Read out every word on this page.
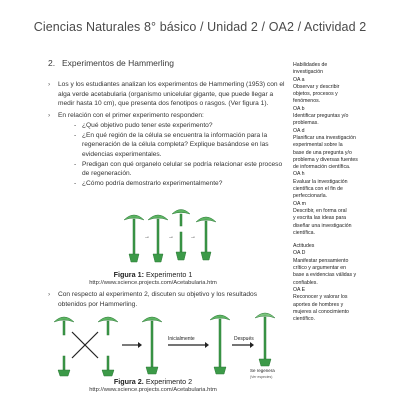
Ciencias Naturales 8° básico / Unidad 2 / OA2 / Actividad 2
2. Experimentos de Hammerling
› Los y los estudiantes analizan los experimentos de Hammerling (1953) con el alga verde acetabularia (organismo unicelular gigante, que puede llegar a medir hasta 10 cm), que presenta dos fenotipos o rasgos. (Ver figura 1).
› En relación con el primer experimento responden:
- ¿Qué objetivo pudo tener este experimento?
- ¿En qué región de la célula se encuentra la información para la regeneración de la célula completa? Explique basándose en las evidencias experimentales.
- Predigan con qué organelo celular se podría relacionar este proceso de regeneración.
- ¿Cómo podría demostrarlo experimentalmente?
→	→	→
Figura 1: Experimento 1
http://www.science.projects.com/Acetabularia.htm
› Con respecto al experimento 2, discuten su objetivo y los resultados obtenidos por Hammerling.
Inicialmente	Después
Se regenera
(Ver especies)
Figura 2. Experimento 2
http://www.science.projects.com/Acetabularia.htm
Habilidades de
investigación
OA a
Observar y describir
objetos, procesos y
fenómenos.
OA b
Identificar preguntas y/o
problemas.
OA d
Planificar una investigación
experimental sobre la
base de una pregunta y/o
problema y diversas fuentes
de información científica.
OA h
Evaluar la investigación
científica con el fin de
perfeccionarla.
OA m
Describir, en forma oral
y escrita las ideas para
diseñar una investigación
científica.
Actitudes
OA D
Manifestar pensamiento
crítico y argumentar en
base a evidencias válidas y
confiables.
OA E
Reconocer y valorar los
aportes de hombres y
mujeres al conocimiento
científico.
